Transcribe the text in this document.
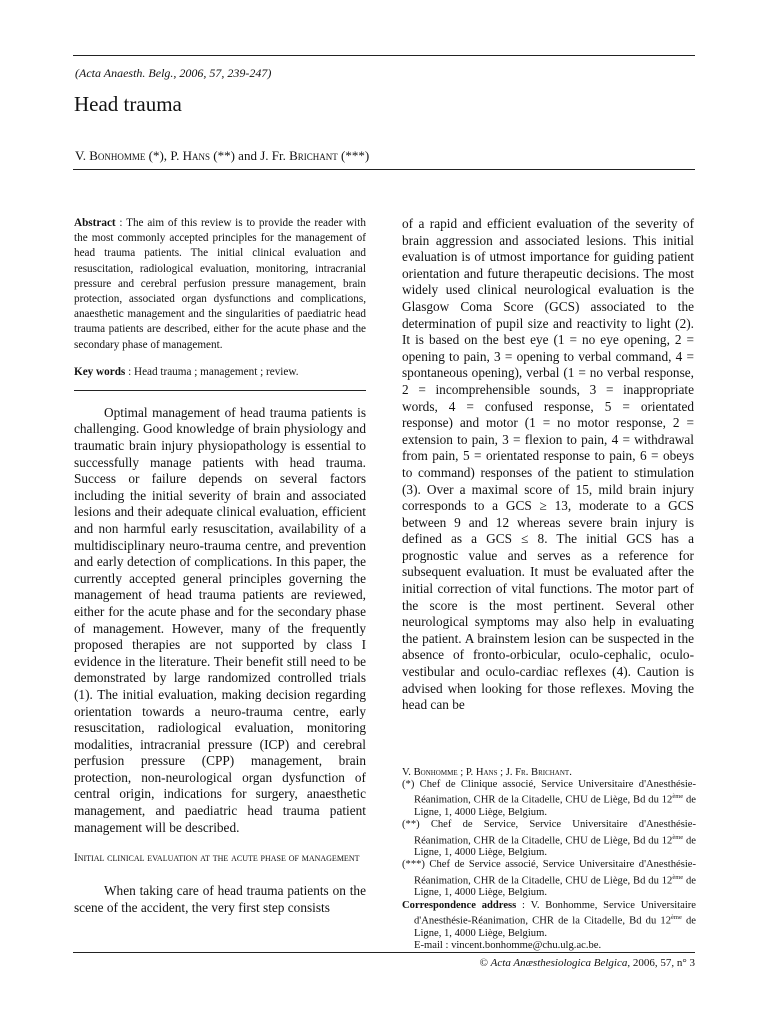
(Acta Anaesth. Belg., 2006, 57, 239-247)
Head trauma
V. Bonhomme (*), P. Hans (**) and J. Fr. Brichant (***)

Abstract : The aim of this review is to provide the reader with the most commonly accepted principles for the management of head trauma patients. The initial clinical evaluation and resuscitation, radiological evaluation, monitoring, intracranial pressure and cerebral perfusion pressure management, brain protection, associated organ dysfunctions and complications, anaesthetic management and the singularities of paediatric head trauma patients are described, either for the acute phase and the secondary phase of management.

Key words : Head trauma ; management ; review.

Optimal management of head trauma patients is challenging. Good knowledge of brain physiology and traumatic brain injury physiopathology is essential to successfully manage patients with head trauma. Success or failure depends on several factors including the initial severity of brain and associated lesions and their adequate clinical evaluation, efficient and non harmful early resuscitation, availability of a multidisciplinary neuro-trauma centre, and prevention and early detection of complications. In this paper, the currently accepted general principles governing the management of head trauma patients are reviewed, either for the acute phase and for the secondary phase of management. However, many of the frequently proposed therapies are not supported by class I evidence in the literature. Their benefit still need to be demonstrated by large randomized controlled trials (1). The initial evaluation, making decision regarding orientation towards a neuro-trauma centre, early resuscitation, radiological evaluation, monitoring modalities, intracranial pressure (ICP) and cerebral perfusion pressure (CPP) management, brain protection, non-neurological organ dysfunction of central origin, indications for surgery, anaesthetic management, and paediatric head trauma patient management will be described.

Initial clinical evaluation at the acute phase of management

When taking care of head trauma patients on the scene of the accident, the very first step consists

of a rapid and efficient evaluation of the severity of brain aggression and associated lesions. This initial evaluation is of utmost importance for guiding patient orientation and future therapeutic decisions. The most widely used clinical neurological evaluation is the Glasgow Coma Score (GCS) associated to the determination of pupil size and reactivity to light (2). It is based on the best eye (1 = no eye opening, 2 = opening to pain, 3 = opening to verbal command, 4 = spontaneous opening), verbal (1 = no verbal response, 2 = incomprehensible sounds, 3 = inappropriate words, 4 = confused response, 5 = orientated response) and motor (1 = no motor response, 2 = extension to pain, 3 = flexion to pain, 4 = withdrawal from pain, 5 = orientated response to pain, 6 = obeys to command) responses of the patient to stimulation (3). Over a maximal score of 15, mild brain injury corresponds to a GCS ≥ 13, moderate to a GCS between 9 and 12 whereas severe brain injury is defined as a GCS ≤ 8. The initial GCS has a prognostic value and serves as a reference for subsequent evaluation. It must be evaluated after the initial correction of vital functions. The motor part of the score is the most pertinent. Several other neurological symptoms may also help in evaluating the patient. A brainstem lesion can be suspected in the absence of fronto-orbicular, oculo-cephalic, oculo-vestibular and oculo-cardiac reflexes (4). Caution is advised when looking for those reflexes. Moving the head can be

V. Bonhomme ; P. Hans ; J. Fr. Brichant.

(*) Chef de Clinique associé, Service Universitaire d'Anesthésie-Réanimation, CHR de la Citadelle, CHU de Liège, Bd du 12ème de Ligne, 1, 4000 Liège, Belgium.

(**) Chef de Service, Service Universitaire d'Anesthésie-Réanimation, CHR de la Citadelle, CHU de Liège, Bd du 12ème de Ligne, 1, 4000 Liège, Belgium.

(***) Chef de Service associé, Service Universitaire d'Anesthésie-Réanimation, CHR de la Citadelle, CHU de Liège, Bd du 12ème de Ligne, 1, 4000 Liège, Belgium.

Correspondence address : V. Bonhomme, Service Universitaire d'Anesthésie-Réanimation, CHR de la Citadelle, Bd du 12ème de Ligne, 1, 4000 Liège, Belgium.
E-mail : vincent.bonhomme@chu.ulg.ac.be.

© Acta Anæsthesiologica Belgica, 2006, 57, n° 3
